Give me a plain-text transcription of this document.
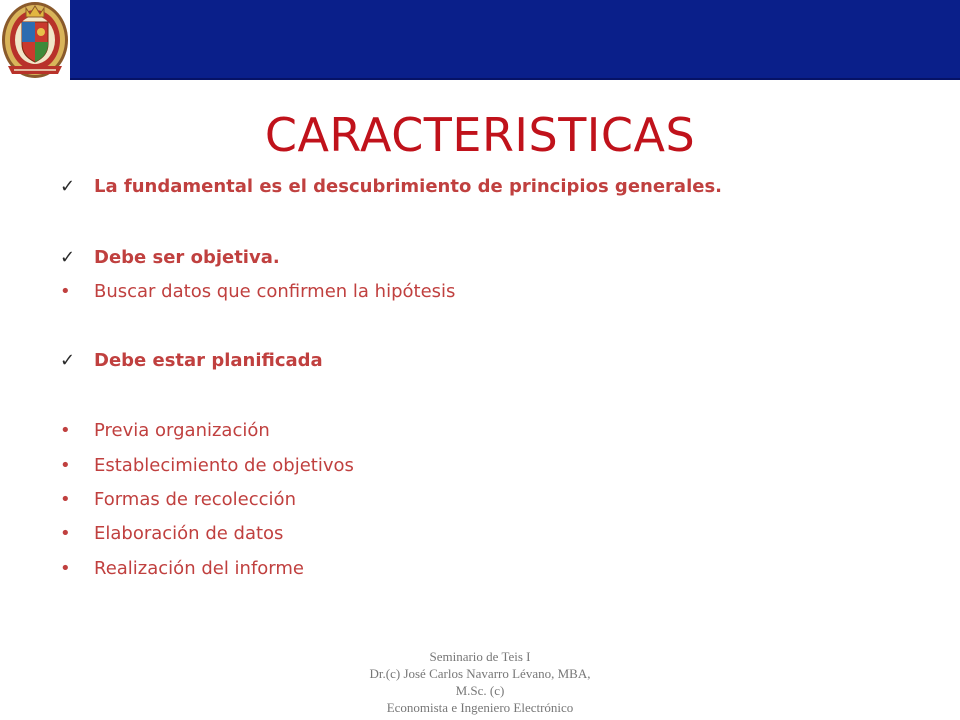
CARACTERISTICAS
✓	La fundamental es el descubrimiento de principios generales.
✓	Debe ser objetiva.
•	Buscar datos que confirmen la hipótesis
✓	Debe estar planificada
•	Previa organización
•	Establecimiento de objetivos
•	Formas de recolección
•	Elaboración de datos
•	Realización del informe
Seminario de Teis I
Dr.(c) José Carlos Navarro Lévano, MBA,
M.Sc. (c)
Economista e Ingeniero Electrónico
